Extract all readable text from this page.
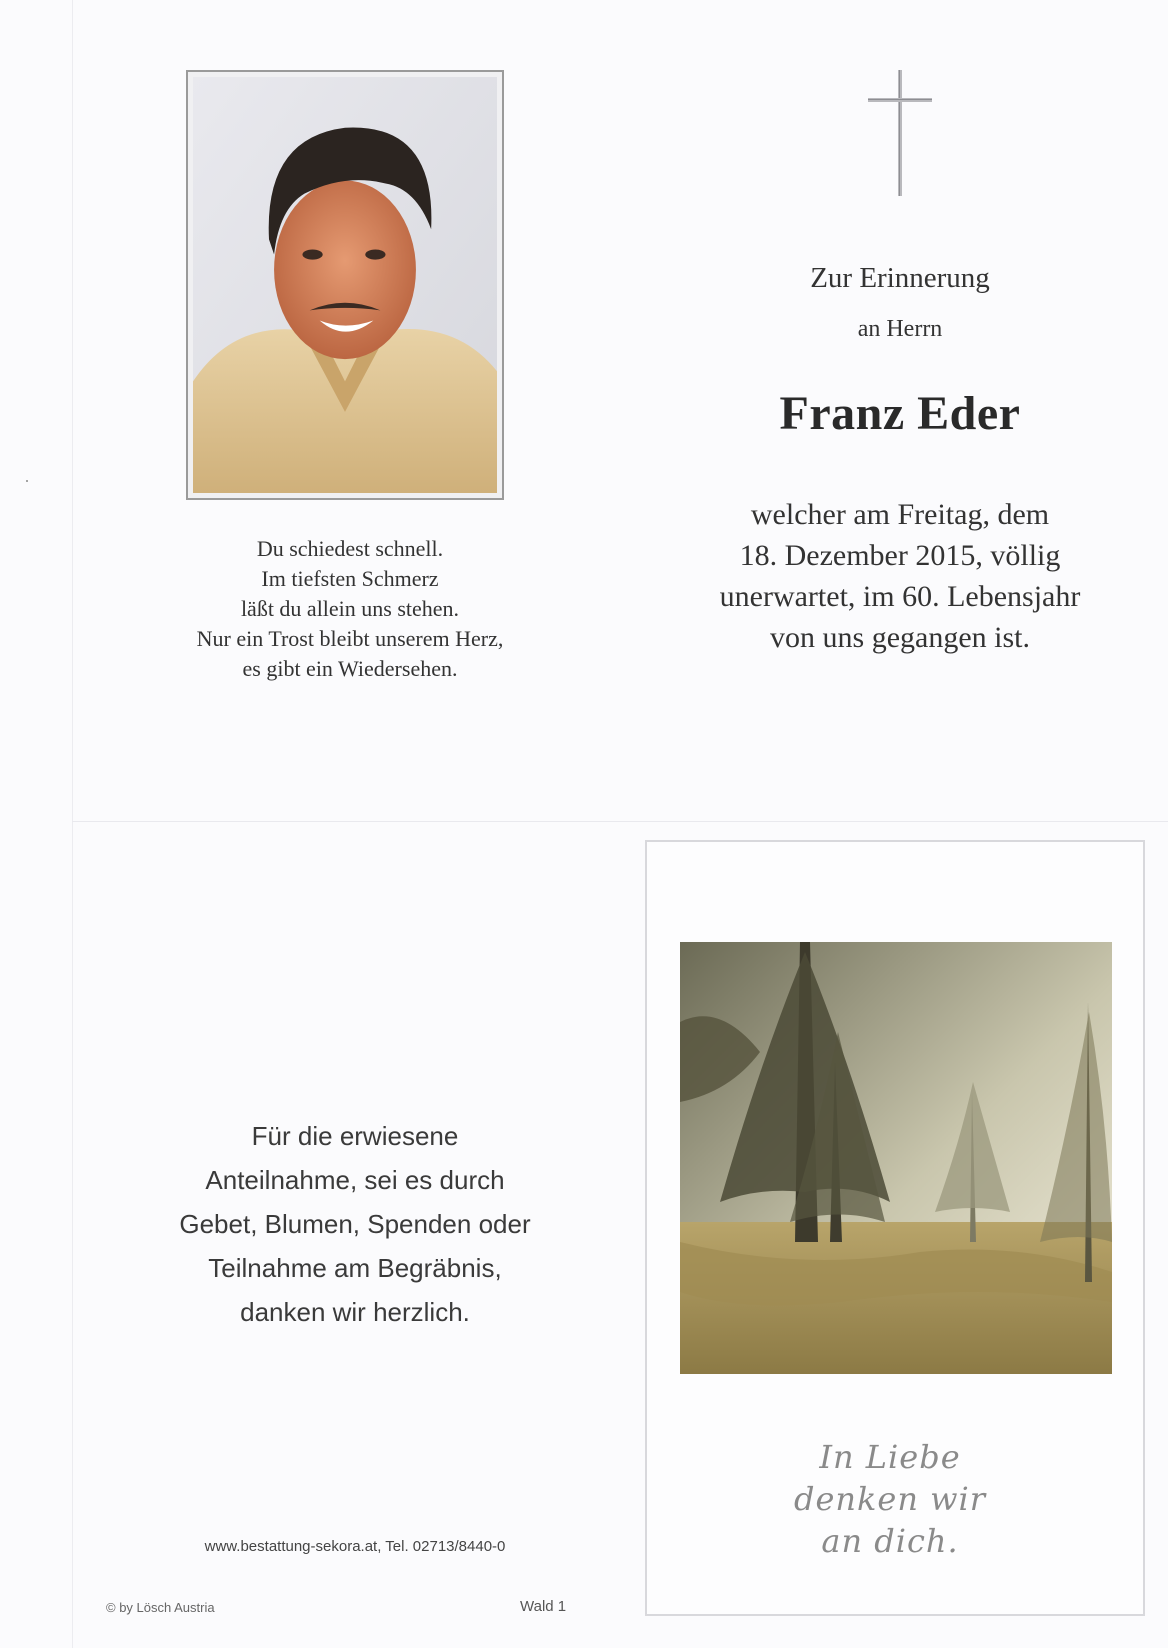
Du schiedest schnell.
Im tiefsten Schmerz
läßt du allein uns stehen.
Nur ein Trost bleibt unserem Herz,
es gibt ein Wiedersehen.
Zur Erinnerung
an Herrn
Franz Eder
welcher am Freitag, dem
18. Dezember 2015, völlig
unerwartet, im 60. Lebensjahr
von uns gegangen ist.
Für die erwiesene
Anteilnahme, sei es durch
Gebet, Blumen, Spenden oder
Teilnahme am Begräbnis,
danken wir herzlich.
www.bestattung-sekora.at, Tel. 02713/8440-0
© by Lösch Austria	Wald 1
In Liebe
denken wir
an dich.
